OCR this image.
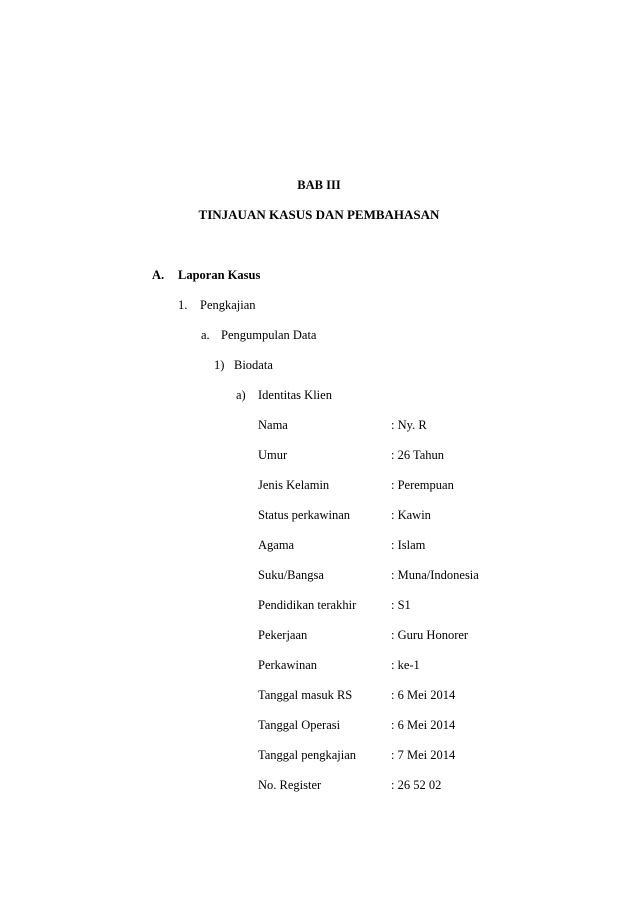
BAB III
TINJAUAN KASUS DAN PEMBAHASAN
A. Laporan Kasus
1. Pengkajian
a. Pengumpulan Data
1) Biodata
a) Identitas Klien
Nama	: Ny. R
Umur	: 26 Tahun
Jenis Kelamin	: Perempuan
Status perkawinan	: Kawin
Agama	: Islam
Suku/Bangsa	: Muna/Indonesia
Pendidikan terakhir	: S1
Pekerjaan	: Guru Honorer
Perkawinan	: ke-1
Tanggal masuk RS	: 6 Mei 2014
Tanggal Operasi	: 6 Mei 2014
Tanggal pengkajian	: 7 Mei 2014
No. Register	: 26 52 02
